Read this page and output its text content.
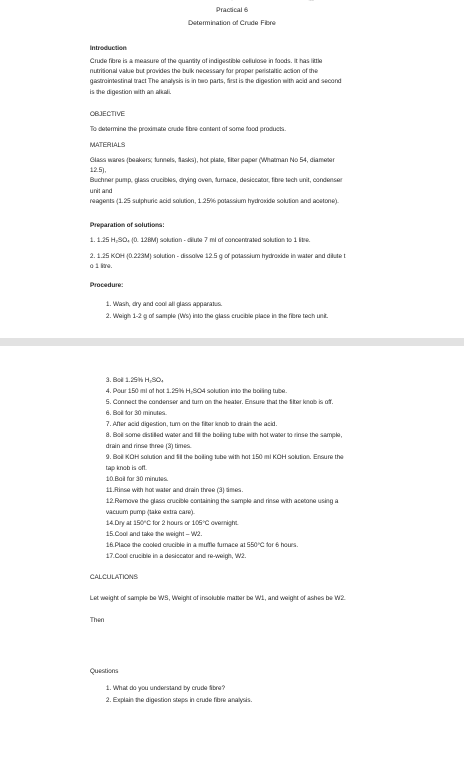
Practical 6
Determination of Crude Fibre
Introduction
Crude fibre is a measure of the quantity of indigestible cellulose in foods. It has little
nutritional value but provides the bulk necessary for proper peristaltic action of the
gastrointestinal tract The analysis is in two parts, first is the digestion with acid and second
is the digestion with an alkali.
OBJECTIVE
To determine the proximate crude fibre content of some food products.
MATERIALS
Glass wares (beakers; funnels, flasks), hot plate, filter paper (Whatman No 54, diameter
12.5),
Buchner pump, glass crucibles, drying oven, furnace, desiccator, fibre tech unit, condenser
unit and
reagents (1.25 sulphuric acid solution, 1.25% potassium hydroxide solution and acetone).
Preparation of solutions:
1. 1.25 H₂SO₄ (0. 128M) solution - dilute 7 ml of concentrated solution to 1 litre.
2. 1.25 KOH (0.223M) solution - dissolve 12.5 g of potassium hydroxide in water and dilute t
o 1 litre.
Procedure:
1. Wash, dry and cool all glass apparatus.
2. Weigh 1-2 g of sample (Ws) into the glass crucible place in the fibre tech unit.
3. Boil 1.25% H₂SO₄
4. Pour 150 ml of hot 1.25% H₂SO4 solution into the boiling tube.
5. Connect the condenser and turn on the heater. Ensure that the filter knob is off.
6. Boil for 30 minutes.
7. After acid digestion, turn on the filter knob to drain the acid.
8. Boil some distilled water and fill the boiling tube with hot water to rinse the sample,
drain and rinse three (3) times.
9. Boil KOH solution and fill the boiling tube with hot 150 ml KOH solution. Ensure the
tap knob is off.
10.Boil for 30 minutes.
11.Rinse with hot water and drain three (3) times.
12.Remove the glass crucible containing the sample and rinse with acetone using a
vacuum pump (take extra care).
14.Dry at 150°C for 2 hours or 105°C overnight.
15.Cool and take the weight – W2.
16.Place the cooled crucible in a muffle furnace at 550°C for 6 hours.
17.Cool crucible in a desiccator and re-weigh, W2.
CALCULATIONS
Let weight of sample be WS, Weight of insoluble matter be W1, and weight of ashes be W2.
Then
Questions
1. What do you understand by crude fibre?
2. Explain the digestion steps in crude fibre analysis.
